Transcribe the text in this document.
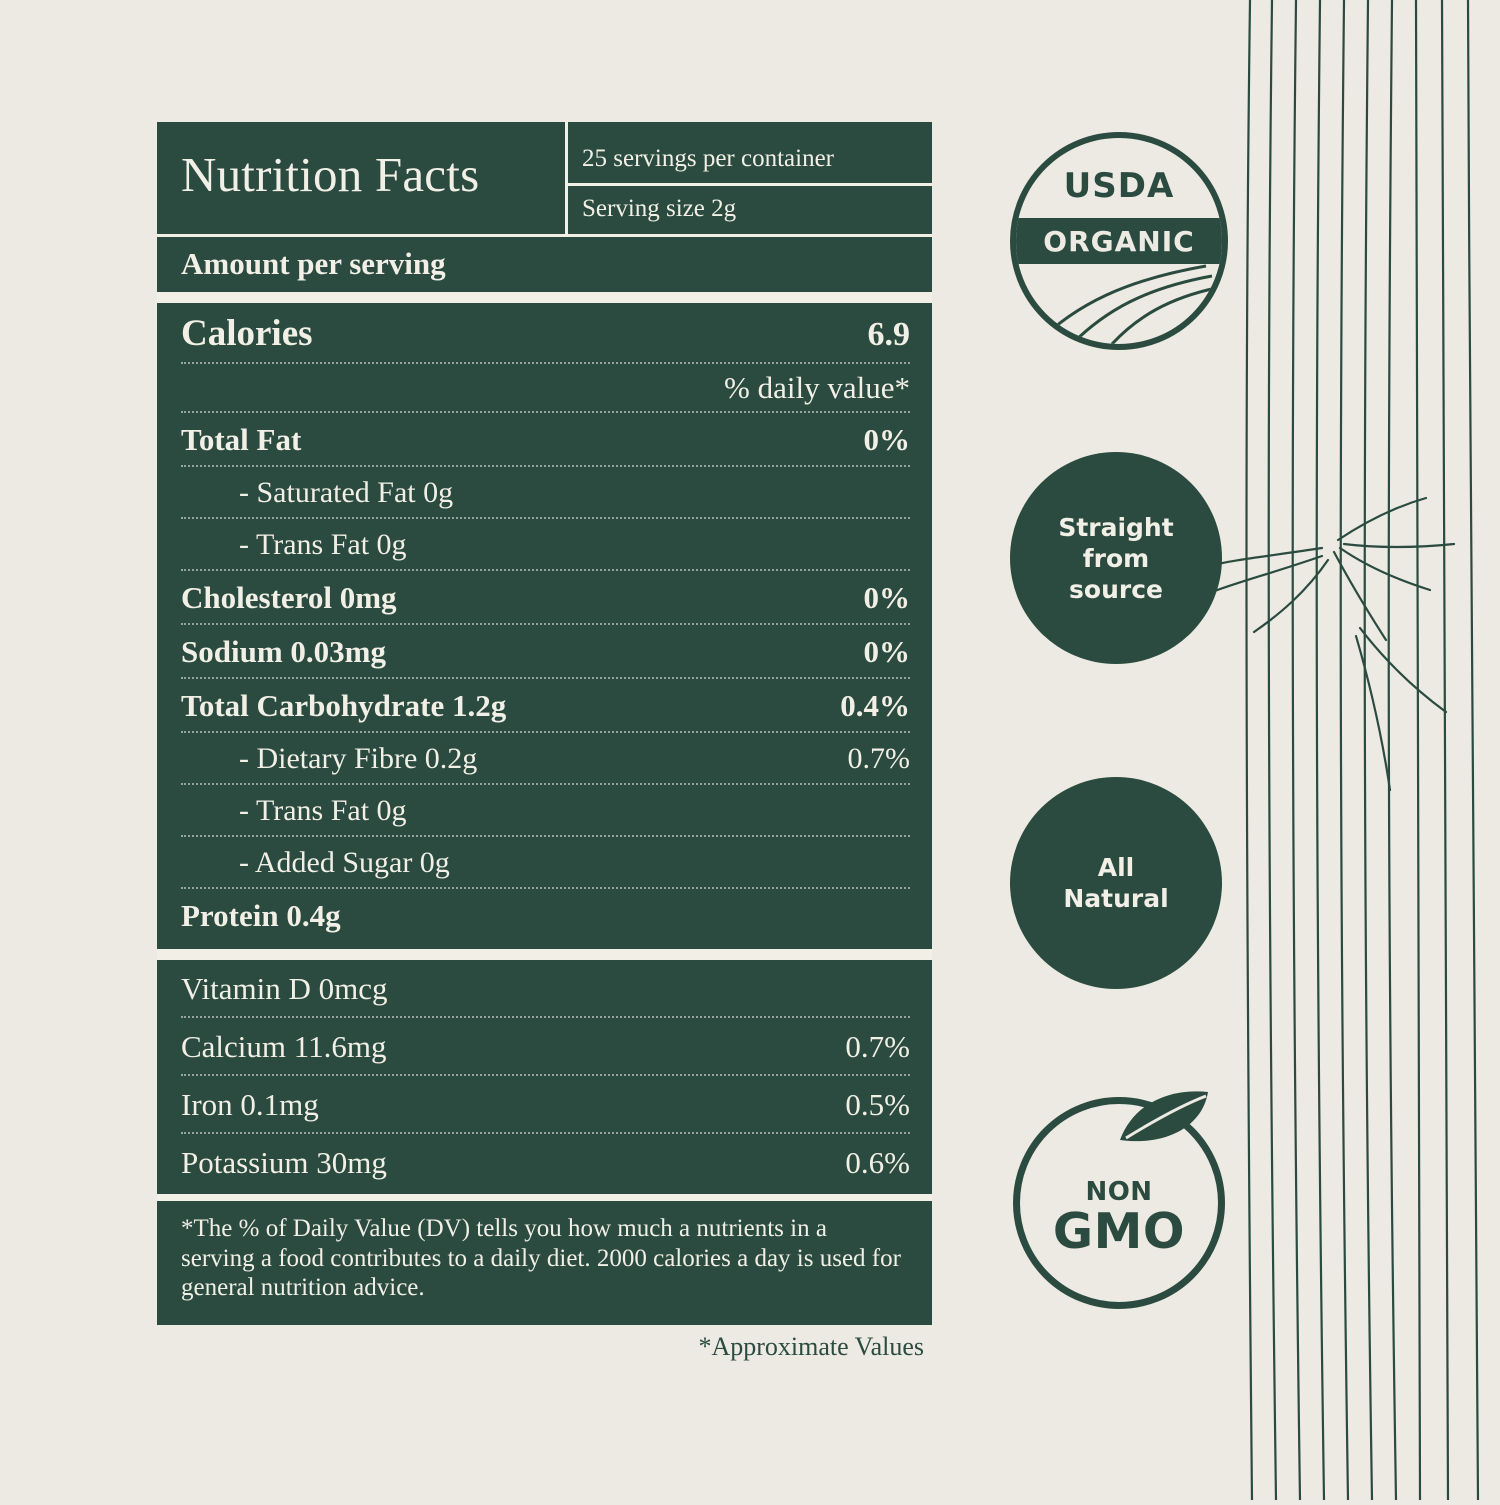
Nutrition Facts	25 servings per container
Serving size 2g
Amount per serving
Calories	6.9
% daily value*
Total Fat	0%
- Saturated Fat 0g
- Trans Fat 0g
Cholesterol 0mg	0%
Sodium 0.03mg	0%
Total Carbohydrate 1.2g	0.4%
- Dietary Fibre 0.2g	0.7%
- Trans Fat 0g
- Added Sugar 0g
Protein 0.4g
Vitamin D 0mcg
Calcium 11.6mg	0.7%
Iron 0.1mg	0.5%
Potassium 30mg	0.6%
*The % of Daily Value (DV) tells you how much a nutrients in a serving a food contributes to a daily diet. 2000 calories a day is used for general nutrition advice.
*Approximate Values
USDA
ORGANIC
Straight
from
source
All
Natural
NON
GMO
